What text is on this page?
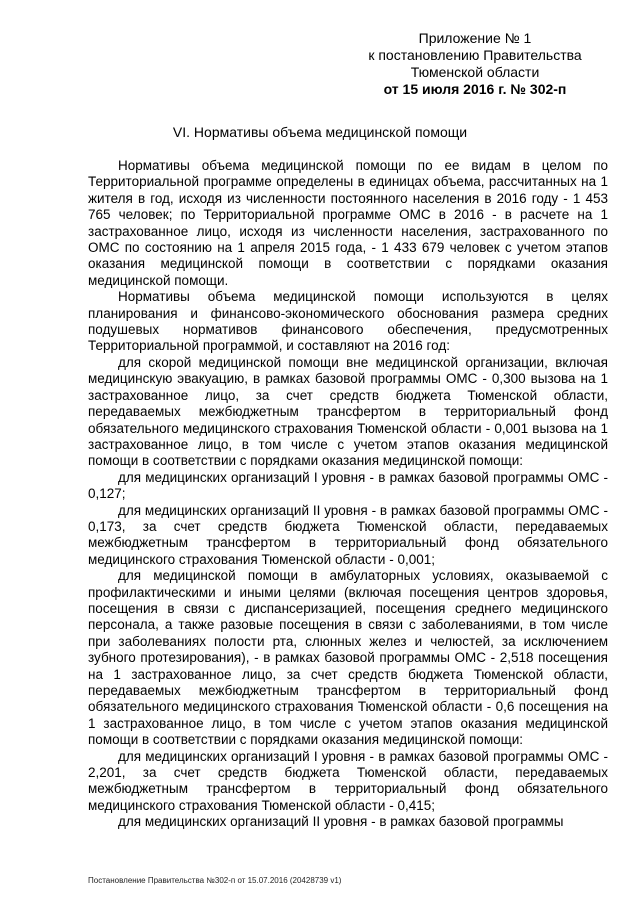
Приложение № 1
к постановлению Правительства
Тюменской области
от 15 июля 2016 г. № 302-п
VI. Нормативы объема медицинской помощи

Нормативы объема медицинской помощи по ее видам в целом по Территориальной программе определены в единицах объема, рассчитанных на 1 жителя в год, исходя из численности постоянного населения в 2016 году - 1 453 765 человек; по Территориальной программе ОМС в 2016 - в расчете на 1 застрахованное лицо, исходя из численности населения, застрахованного по ОМС по состоянию на 1 апреля 2015 года, - 1 433 679 человек с учетом этапов оказания медицинской помощи в соответствии с порядками оказания медицинской помощи.

Нормативы объема медицинской помощи используются в целях планирования и финансово-экономического обоснования размера средних подушевых нормативов финансового обеспечения, предусмотренных Территориальной программой, и составляют на 2016 год:

для скорой медицинской помощи вне медицинской организации, включая медицинскую эвакуацию, в рамках базовой программы ОМС - 0,300 вызова на 1 застрахованное лицо, за счет средств бюджета Тюменской области, передаваемых межбюджетным трансфертом в территориальный фонд обязательного медицинского страхования Тюменской области - 0,001 вызова на 1 застрахованное лицо, в том числе с учетом этапов оказания медицинской помощи в соответствии с порядками оказания медицинской помощи:

для медицинских организаций I уровня - в рамках базовой программы ОМС - 0,127;

для медицинских организаций II уровня - в рамках базовой программы ОМС - 0,173, за счет средств бюджета Тюменской области, передаваемых межбюджетным трансфертом в территориальный фонд обязательного медицинского страхования Тюменской области - 0,001;

для медицинской помощи в амбулаторных условиях, оказываемой с профилактическими и иными целями (включая посещения центров здоровья, посещения в связи с диспансеризацией, посещения среднего медицинского персонала, а также разовые посещения в связи с заболеваниями, в том числе при заболеваниях полости рта, слюнных желез и челюстей, за исключением зубного протезирования), - в рамках базовой программы ОМС - 2,518 посещения на 1 застрахованное лицо, за счет средств бюджета Тюменской области, передаваемых межбюджетным трансфертом в территориальный фонд обязательного медицинского страхования Тюменской области - 0,6 посещения на 1 застрахованное лицо, в том числе с учетом этапов оказания медицинской помощи в соответствии с порядками оказания медицинской помощи:

для медицинских организаций I уровня - в рамках базовой программы ОМС - 2,201, за счет средств бюджета Тюменской области, передаваемых межбюджетным трансфертом в территориальный фонд обязательного медицинского страхования Тюменской области - 0,415;

для медицинских организаций II уровня - в рамках базовой программы

Постановление Правительства №302-п от 15.07.2016 (20428739 v1)
